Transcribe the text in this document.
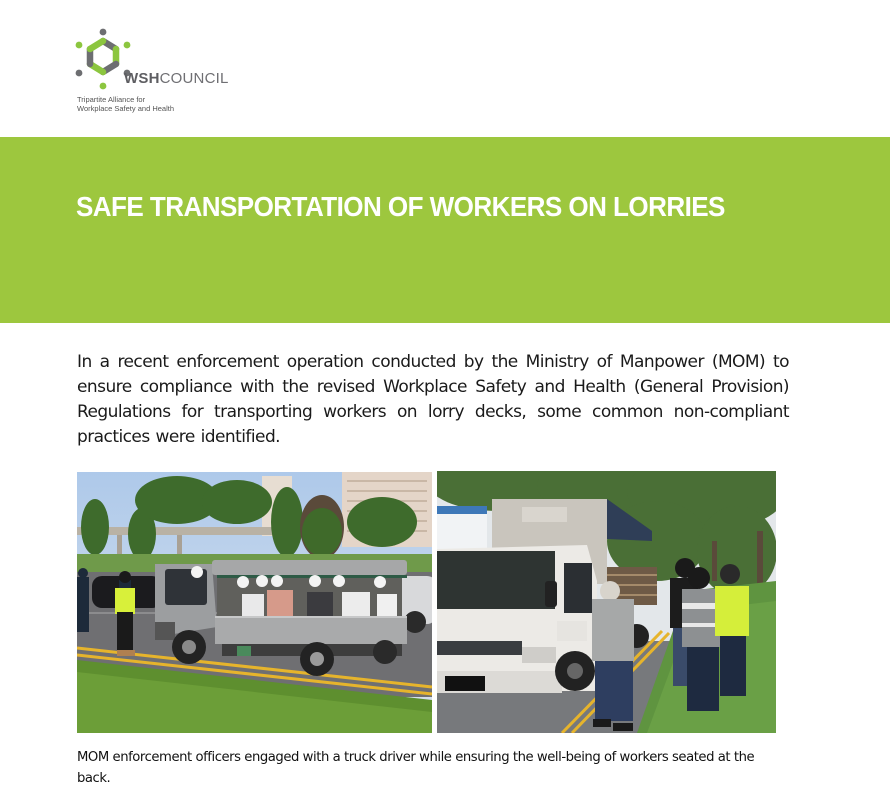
WSHCOUNCIL
Tripartite Alliance for
Workplace Safety and Health
SAFE TRANSPORTATION OF WORKERS ON LORRIES

In a recent enforcement operation conducted by the Ministry of Manpower (MOM) to ensure compliance with the revised Workplace Safety and Health (General Provision) Regulations for transporting workers on lorry decks, some common non-compliant practices were identified.

MOM enforcement officers engaged with a truck driver while ensuring the well-being of workers seated at the back.
